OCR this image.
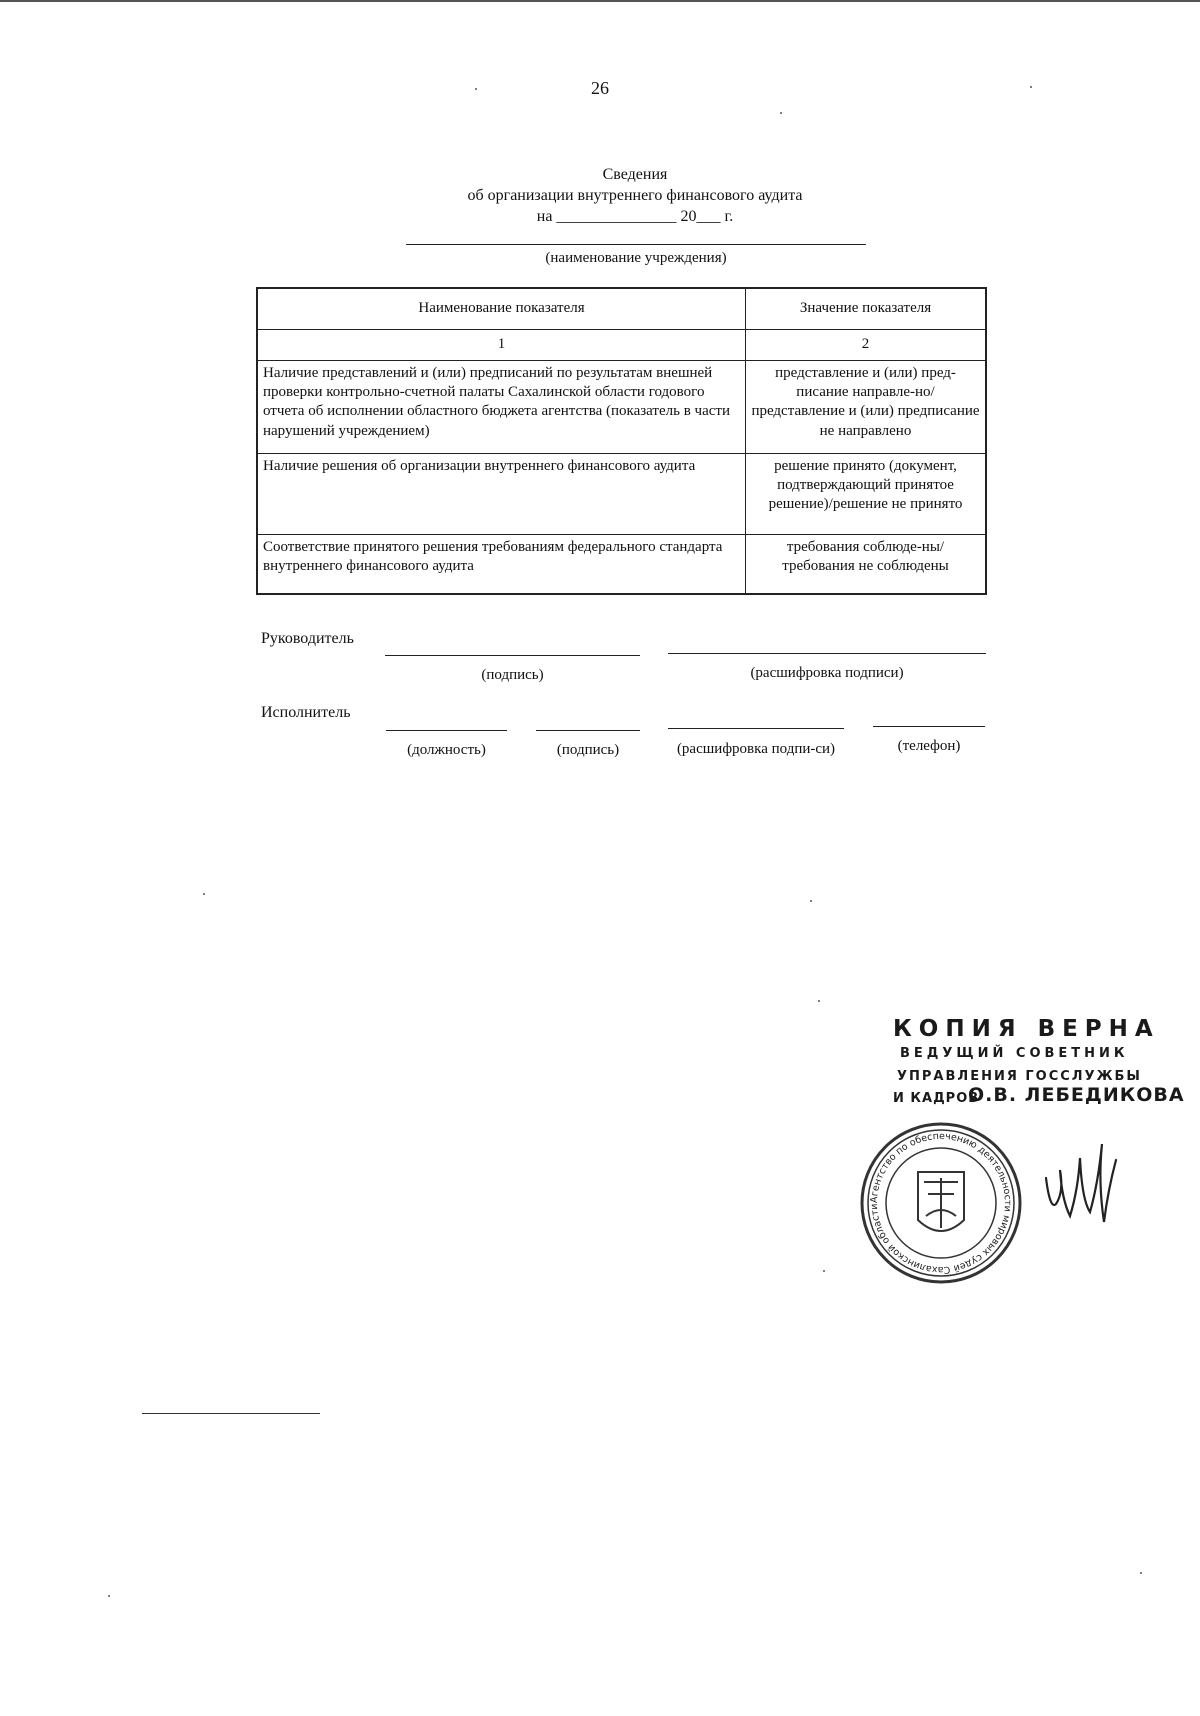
26
Сведения
об организации внутреннего финансового аудита
на _______________ 20___ г.
(наименование учреждения)
Наименование показателя	Значение показателя
1	2
Наличие представлений и (или) предписаний по результатам внешней проверки контрольно-счетной палаты Сахалинской области годового отчета об исполнении областного бюджета агентства (показатель в части нарушений учреждением)	представление и (или) пред-писание направле-но/представление и (или) предписание не направлено
Наличие решения об организации внутреннего финансового аудита	решение принято (документ, подтверждающий принятое решение)/решение не принято
Соответствие принятого решения требованиям федерального стандарта внутреннего финансового аудита	требования соблюде-ны/требования не соблюдены
Руководитель
(подпись)	(расшифровка подписи)
Исполнитель
(должность)	(подпись)	(расшифровка подпи-си)	(телефон)
КОПИЯ ВЕРНА
ВЕДУЩИЙ СОВЕТНИК
УПРАВЛЕНИЯ ГОССЛУЖБЫ
И КАДРОВ
О.В. ЛЕБЕДИКОВА
Агентство по обеспечению деятельности мировых судей Сахалинской области
